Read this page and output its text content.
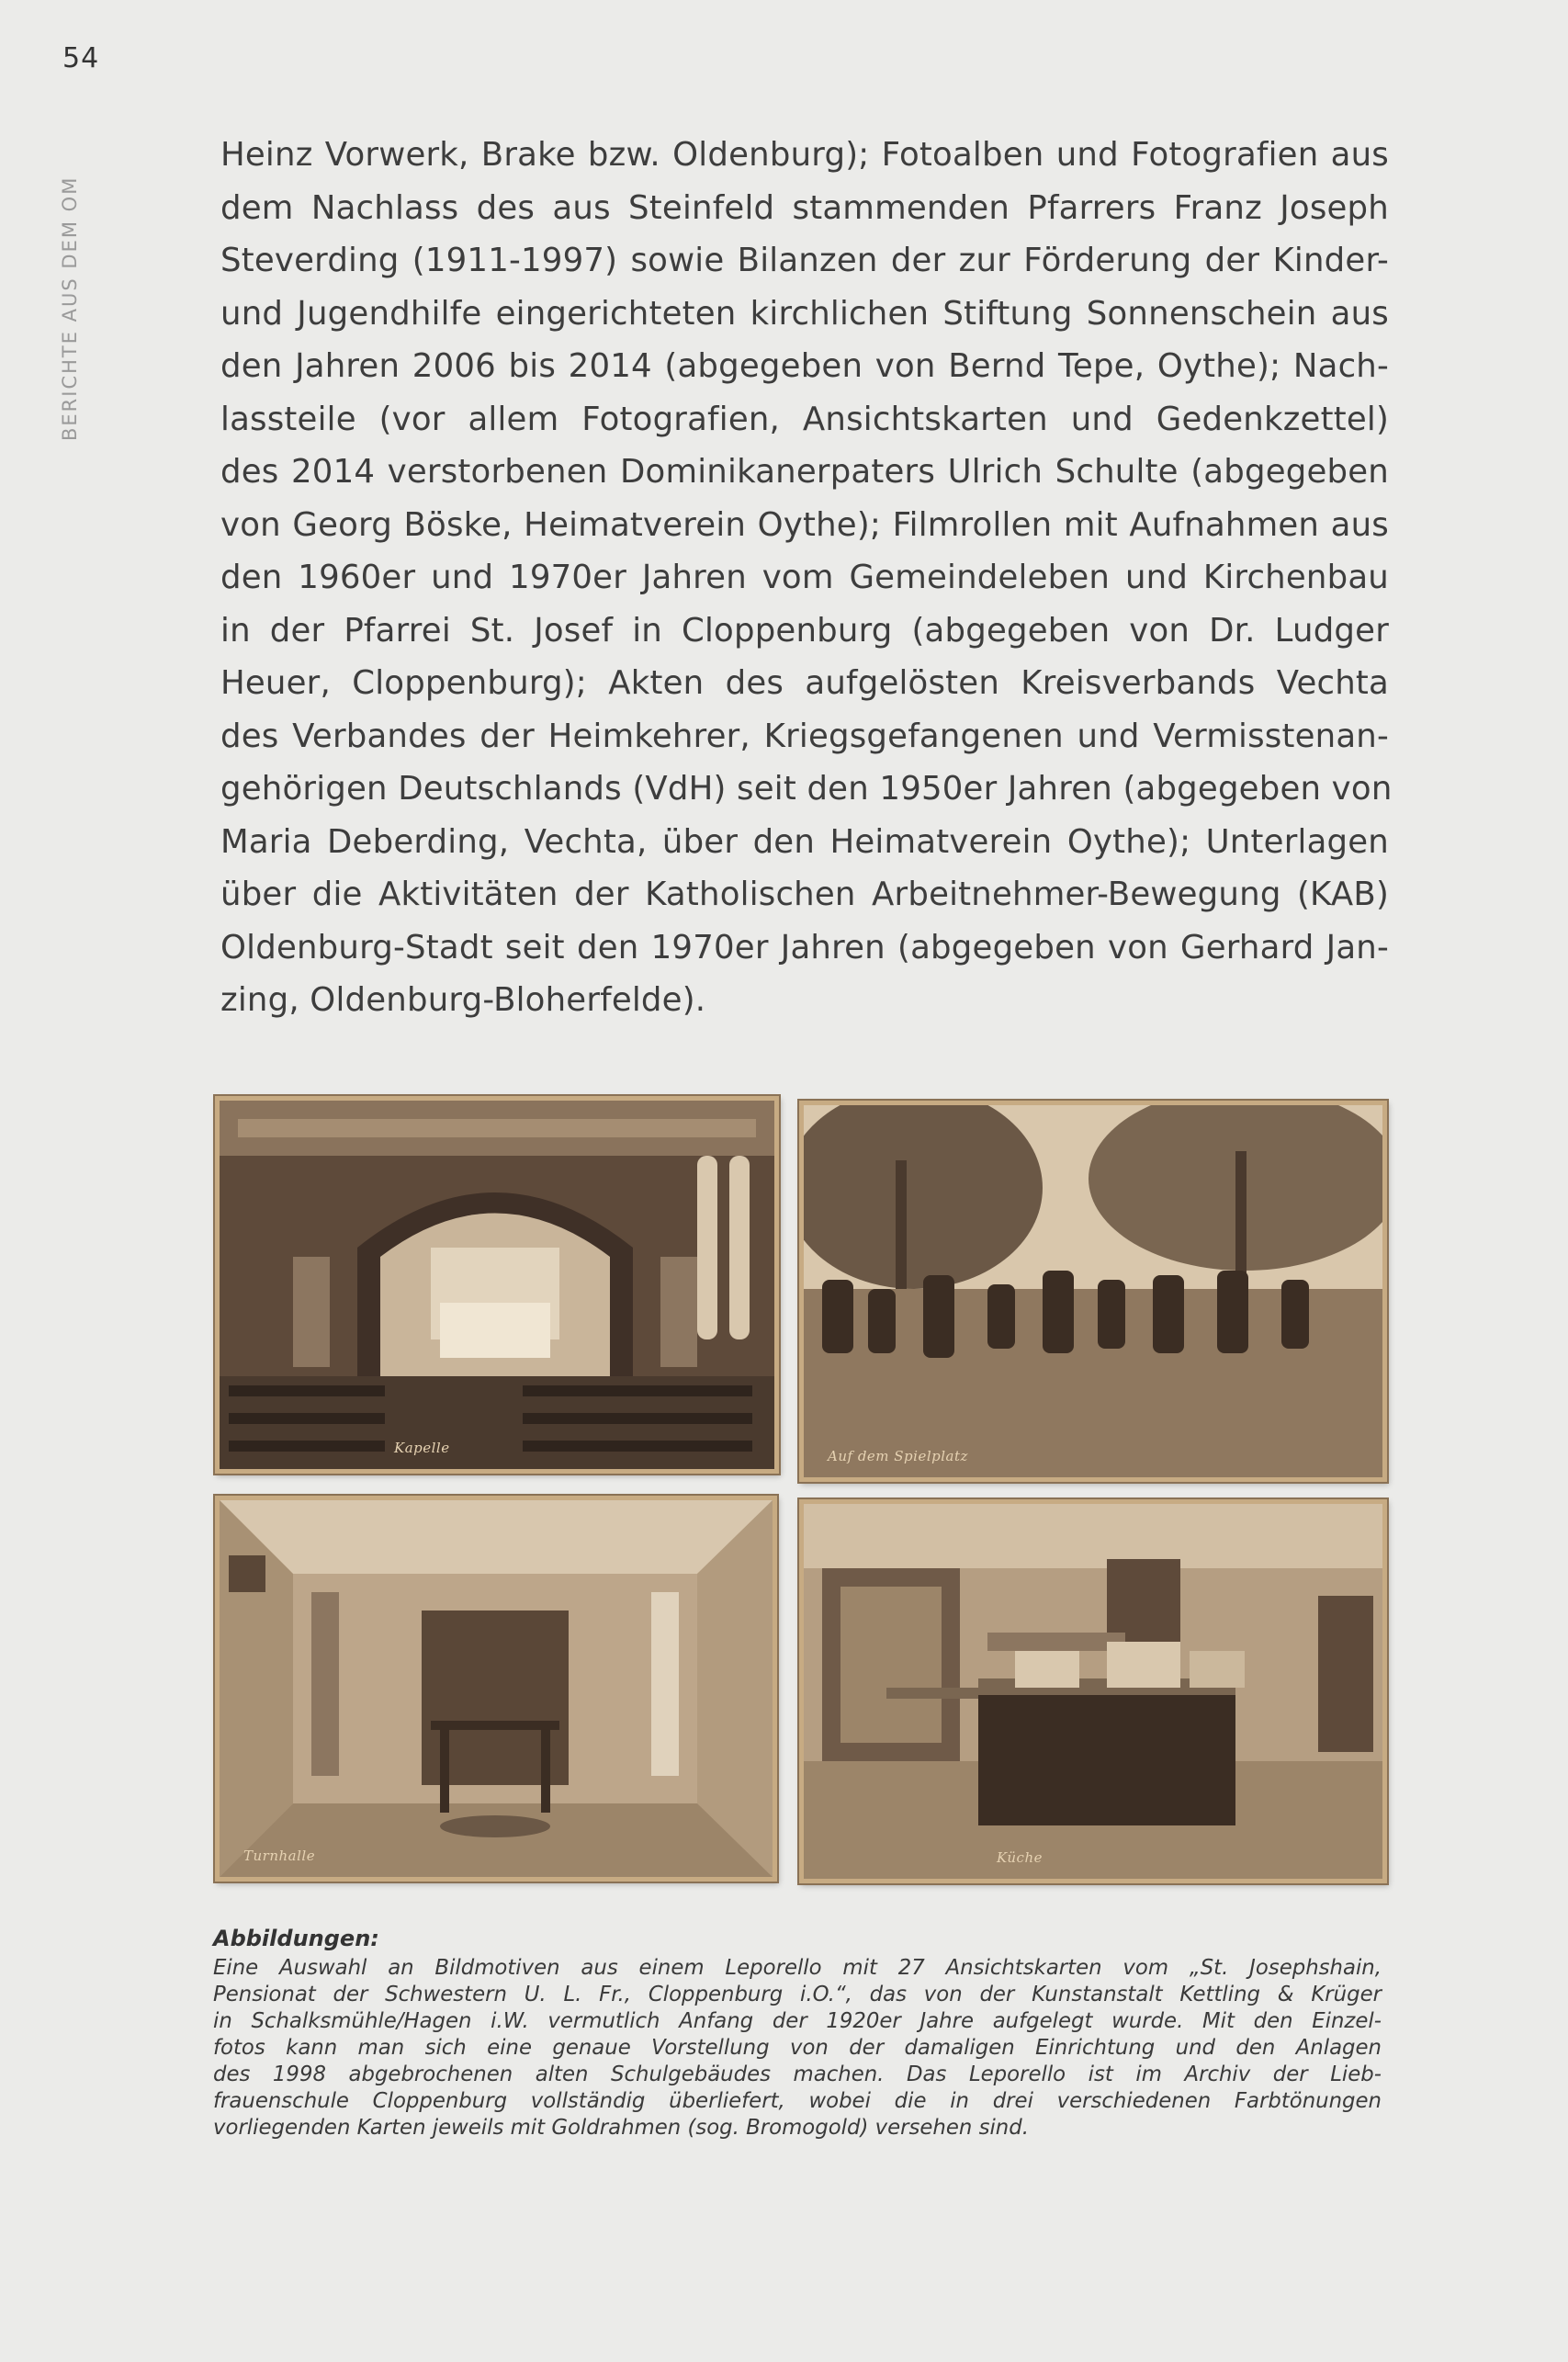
54
BERICHTE AUS DEM OM
Heinz Vorwerk, Brake bzw. Oldenburg); Fotoalben und Fotografien aus
dem Nachlass des aus Steinfeld stammenden Pfarrers Franz Joseph
Steverding (1911-1997) sowie Bilanzen der zur Förderung der Kinder-
und Jugendhilfe eingerichteten kirchlichen Stiftung Sonnenschein aus
den Jahren 2006 bis 2014 (abgegeben von Bernd Tepe, Oythe); Nach-
lassteile (vor allem Fotografien, Ansichtskarten und Gedenkzettel)
des 2014 verstorbenen Dominikanerpaters Ulrich Schulte (abgegeben
von Georg Böske, Heimatverein Oythe); Filmrollen mit Aufnahmen aus
den 1960er und 1970er Jahren vom Gemeindeleben und Kirchenbau
in der Pfarrei St. Josef in Cloppenburg (abgegeben von Dr. Ludger
Heuer, Cloppenburg); Akten des aufgelösten Kreisverbands Vechta
des Verbandes der Heimkehrer, Kriegsgefangenen und Vermisstenan-
gehörigen Deutschlands (VdH) seit den 1950er Jahren (abgegeben von
Maria Deberding, Vechta, über den Heimatverein Oythe); Unterlagen
über die Aktivitäten der Katholischen Arbeitnehmer-Bewegung (KAB)
Oldenburg-Stadt seit den 1970er Jahren (abgegeben von Gerhard Jan-
zing, Oldenburg-Bloherfelde).
Kapelle	Auf dem Spielplatz
Turnhalle	Küche
Abbildungen:
Eine Auswahl an Bildmotiven aus einem Leporello mit 27 Ansichtskarten vom „St. Josephshain,
Pensionat der Schwestern U. L. Fr., Cloppenburg i.O.“, das von der Kunstanstalt Kettling & Krüger
in Schalksmühle/Hagen i.W. vermutlich Anfang der 1920er Jahre aufgelegt wurde. Mit den Einzel-
fotos kann man sich eine genaue Vorstellung von der damaligen Einrichtung und den Anlagen
des 1998 abgebrochenen alten Schulgebäudes machen. Das Leporello ist im Archiv der Lieb-
frauenschule Cloppenburg vollständig überliefert, wobei die in drei verschiedenen Farbtönungen
vorliegenden Karten jeweils mit Goldrahmen (sog. Bromogold) versehen sind.
